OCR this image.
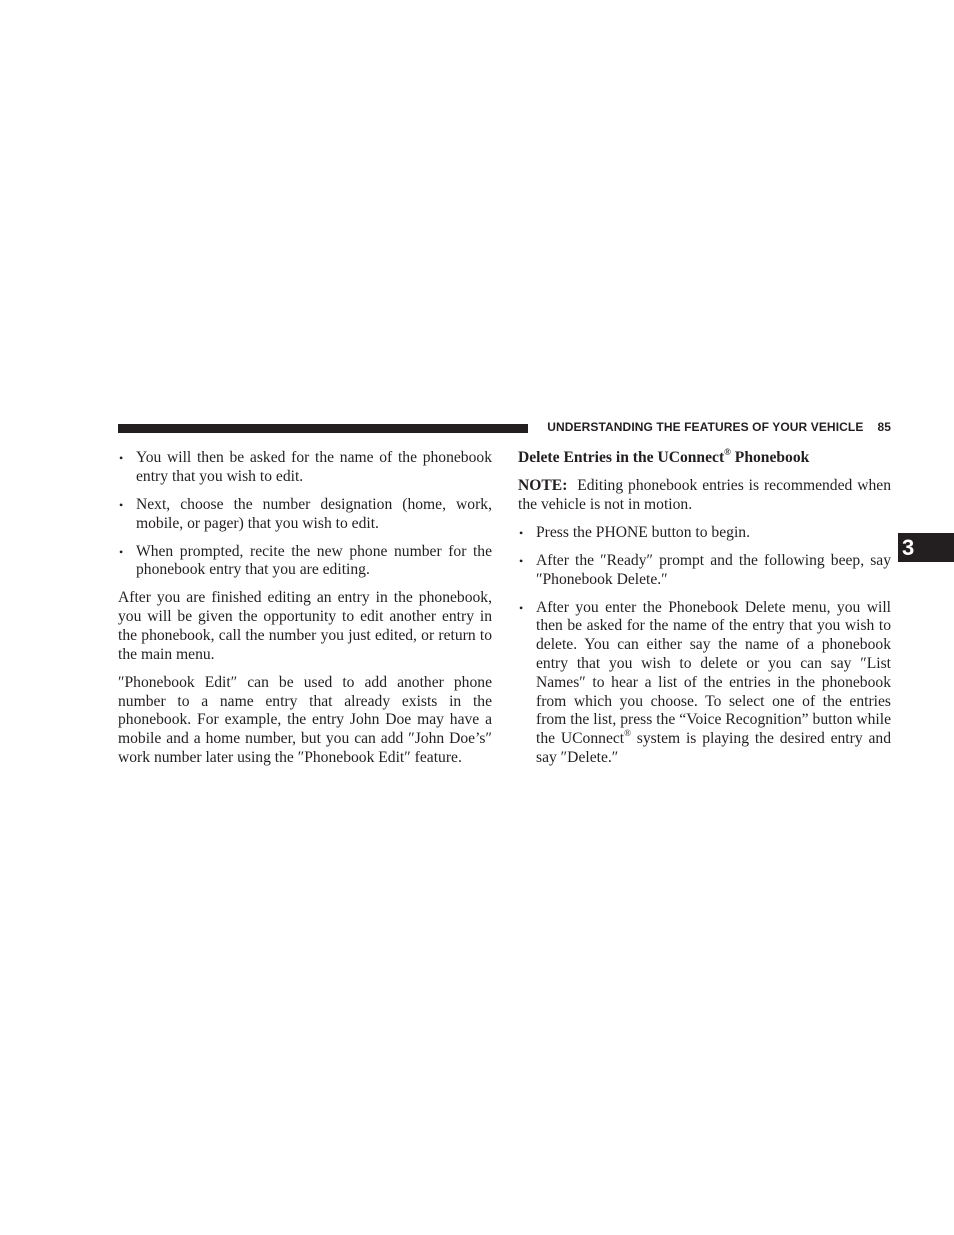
UNDERSTANDING THE FEATURES OF YOUR VEHICLE 85
3
• You will then be asked for the name of the phonebook entry that you wish to edit.
• Next, choose the number designation (home, work, mobile, or pager) that you wish to edit.
• When prompted, recite the new phone number for the phonebook entry that you are editing.
After you are finished editing an entry in the phonebook, you will be given the opportunity to edit another entry in the phonebook, call the number you just edited, or return to the main menu.
″Phonebook Edit″ can be used to add another phone number to a name entry that already exists in the phonebook. For example, the entry John Doe may have a mobile and a home number, but you can add ″John Doe’s″ work number later using the ″Phonebook Edit″ feature.
Delete Entries in the UConnect® Phonebook
NOTE: Editing phonebook entries is recommended when the vehicle is not in motion.
• Press the PHONE button to begin.
• After the ″Ready″ prompt and the following beep, say ″Phonebook Delete.″
• After you enter the Phonebook Delete menu, you will then be asked for the name of the entry that you wish to delete. You can either say the name of a phonebook entry that you wish to delete or you can say ″List Names″ to hear a list of the entries in the phonebook from which you choose. To select one of the entries from the list, press the “Voice Recognition” button while the UConnect® system is playing the desired entry and say ″Delete.″
